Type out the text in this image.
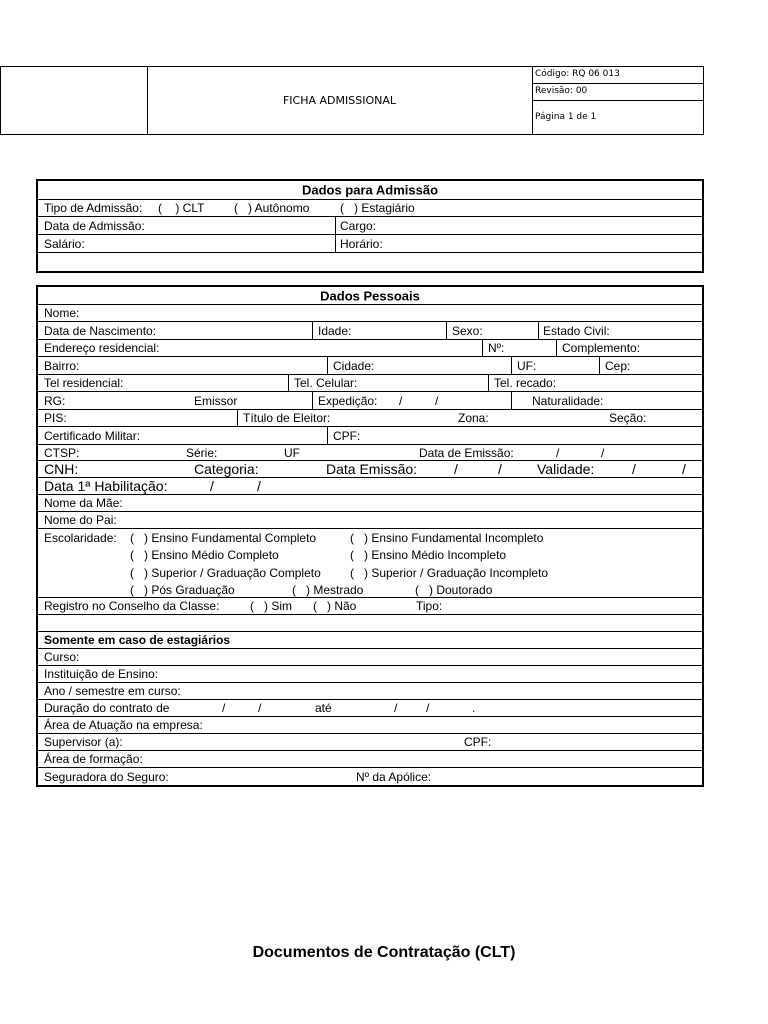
FICHA ADMISSIONAL
Código: RQ 06 013
Revisão: 00
Página 1 de 1
Dados para Admissão
Tipo de Admissão: (    ) CLT (   ) Autônomo	(   ) Estagiário
Data de Admissão:	Cargo:
Salário:	Horário:
Dados Pessoais
Nome:
Data de Nascimento:	Idade:	Sexo:	Estado Civil:
Endereço residencial:	Nº:	Complemento:
Bairro:	Cidade:	UF:	Cep:
Tel residencial:	Tel. Celular:	Tel. recado:
RG:	Emissor	Expedição: /	/	Naturalidade:
PIS:	Título de Eleitor:	Zona:	Seção:
Certificado Militar:	CPF:
CTSP:	Série:	UF	Data de Emissão:	/	/
CNH:	Categoria:	Data Emissão:	/	/	Validade:	/	/
Data 1ª Habilitação:	/	/
Nome da Mãe:
Nome do Pai:
Escolaridade: (   ) Ensino Fundamental Completo	(   ) Ensino Fundamental Incompleto
(   ) Ensino Médio Completo	(   ) Ensino Médio Incompleto
(   ) Superior / Graduação Completo (   ) Superior / Graduação Incompleto
(   ) Pós Graduação	(   ) Mestrado	(   ) Doutorado
Registro no Conselho da Classe:	(   ) Sim (   ) Não	Tipo:
Somente em caso de estagiários
Curso:
Instituição de Ensino:
Ano / semestre em curso:
Duração do contrato de	/	/	até	/ /	.
Área de Atuação na empresa:
Supervisor (a):	CPF:
Área de formação:
Seguradora do Seguro:	Nº da Apólice:
Documentos de Contratação (CLT)
